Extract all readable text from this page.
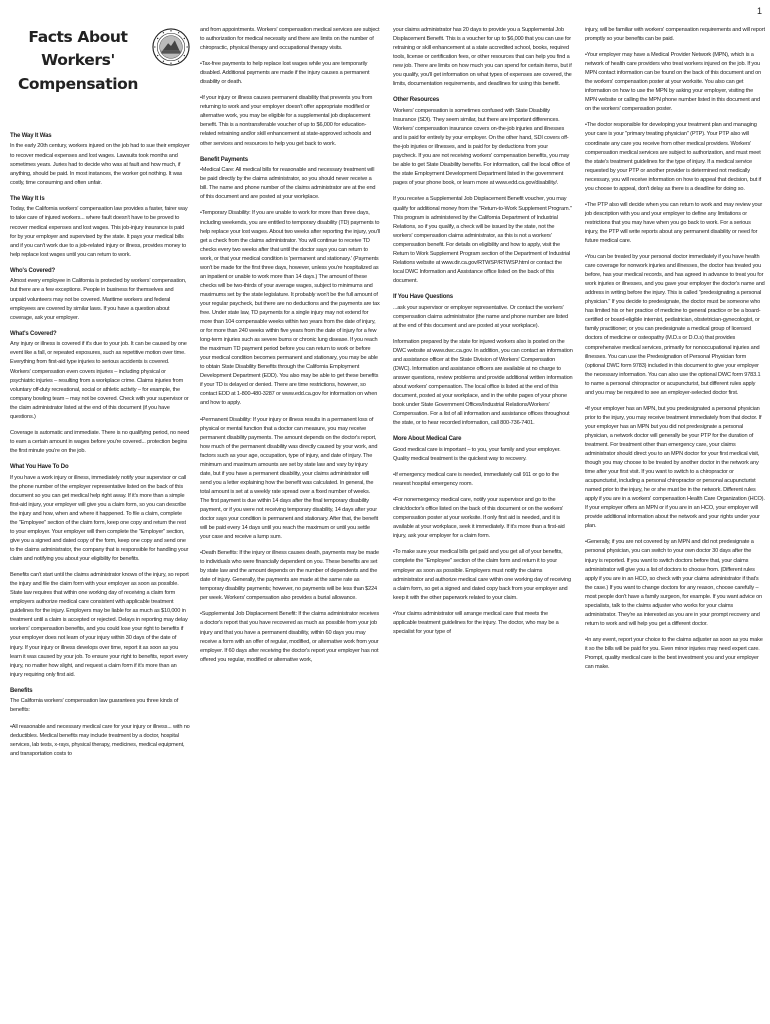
1
Facts About Workers'
Compensation
The Way It Was

In the early 20th century, workers injured on the job had to sue their employer to recover medical expenses and lost wages. Lawsuits took months and sometimes years. Juries had to decide who was at fault and how much, if anything, should be paid. In most instances, the worker got nothing. It was costly, time consuming and often unfair.

The Way It Is

Today, the California workers' compensation law provides a faster, fairer way to take care of injured workers... where fault doesn't have to be proved to recover medical expenses and lost wages. This job-injury insurance is paid for by your employer and supervised by the state. It pays your medical bills and if you can't work due to a job-related injury or illness, provides money to help replace lost wages until you can return to work.

Who's Covered?

Almost every employee in California is protected by workers' compensation, but there are a few exceptions. People in business for themselves and unpaid volunteers may not be covered. Maritime workers and federal employees are covered by similar laws. If you have a question about coverage, ask your employer.

What's Covered?

Any injury or illness is covered if it's due to your job. It can be caused by one event like a fall, or repeated exposures, such as repetitive motion over time. Everything from first-aid type injuries to serious accidents is covered. Workers' compensation even covers injuries – including physical or psychiatric injuries – resulting from a workplace crime. Claims injuries from voluntary off-duty recreational, social or athletic activity – for example, the company bowling team – may not be covered. Check with your supervisor or the claim administrator listed at the end of this document (if you have questions.)

Coverage is automatic and immediate. There is no qualifying period, no need to earn a certain amount in wages before you're covered... protection begins the first minute you're on the job.

What You Have To Do

If you have a work injury or illness, immediately notify your supervisor or call the phone number of the employer representative listed on the back of this document so you can get medical help right away. If it's more than a simple first-aid injury, your employer will give you a claim form, so you can describe the injury and how, when and where it happened. To file a claim, complete the "Employee" section of the claim form, keep one copy and return the rest to your employer. Your employer will then complete the "Employer" section, give you a signed and dated copy of the form, keep one copy and send one to the claims administrator, the company that is responsible for handling your claim and notifying you about your eligibility for benefits.

Benefits can't start until the claims administrator knows of the injury, so report the injury and file the claim form with your employer as soon as possible. State law requires that within one working day of receiving a claim form employers authorize medical care consistent with applicable treatment guidelines for the injury. Employers may be liable for as much as $10,000 in treatment until a claim is accepted or rejected. Delays in reporting may delay workers' compensation benefits, and you could lose your right to benefits if your employer does not learn of your injury within 30 days of the date of injury. If your injury or illness develops over time, report it as soon as you learn it was caused by your job. To ensure your right to benefits, report every injury, no matter how slight, and request a claim form if it's more than an injury requiring only first aid.

Benefits

The California workers' compensation law guarantees you three kinds of benefits:

•All reasonable and necessary medical care for your injury or illness... with no deductibles. Medical benefits may include treatment by a doctor, hospital services, lab tests, x-rays, physical therapy, medicines, medical equipment, and transportation costs to

and from appointments. Workers' compensation medical services are subject to authorization for medical necessity and there are limits on the number of chiropractic, physical therapy and occupational therapy visits.

•Tax-free payments to help replace lost wages while you are temporarily disabled. Additional payments are made if the injury causes a permanent disability or death.

•If your injury or illness causes permanent disability that prevents you from returning to work and your employer doesn't offer appropriate modified or alternative work, you may be eligible for a supplemental job displacement benefit. This is a nontransferable voucher of up to $6,000 for education-related retraining and/or skill enhancement at state-approved schools and other services and resources to help you get back to work.

Benefit Payments

•Medical Care: All medical bills for reasonable and necessary treatment will be paid directly by the claims administrator, so you should never receive a bill. The name and phone number of the claims administrator are at the end of this document and are posted at your workplace.

•Temporary Disability: If you are unable to work for more than three days, including weekends, you are entitled to temporary disability (TD) payments to help replace your lost wages. About two weeks after reporting the injury, you'll get a check from the claims administrator. You will continue to receive TD checks every two weeks after that until the doctor says you can return to work, or that your medical condition is 'permanent and stationary.' (Payments won't be made for the first three days, however, unless you're hospitalized as an inpatient or unable to work more than 14 days.) The amount of these checks will be two-thirds of your average wages, subject to minimums and maximums set by the state legislature. It probably won't be the full amount of your regular paycheck, but there are no deductions and the payments are tax free. Under state law, TD payments for a single injury may not extend for more than 104 compensable weeks within two years from the date of injury, or for more than 240 weeks within five years from the date of injury for a few long-term injuries such as severe burns or chronic lung disease. If you reach the maximum TD payment period before you can return to work or before your medical condition becomes permanent and stationary, you may be able to obtain State Disability Benefits through the California Employment Development Department (EDD). You also may be able to get these benefits if your TD is delayed or denied. There are time restrictions, however, so contact EDD at 1-800-480-3287 or www.edd.ca.gov for information on when and how to apply.

•Permanent Disability: If your injury or illness results in a permanent loss of physical or mental function that a doctor can measure, you may receive permanent disability payments. The amount depends on the doctor's report, how much of the permanent disability was directly caused by your work, and factors such as your age, occupation, type of injury, and date of injury. The minimum and maximum amounts are set by state law and vary by injury date, but if you have a permanent disability, your claims administrator will send you a letter explaining how the benefit was calculated. In general, the total amount is set at a weekly rate spread over a fixed number of weeks. The first payment is due within 14 days after the final temporary disability payment, or if you were not receiving temporary disability, 14 days after your doctor says your condition is permanent and stationary. After that, the benefit will be paid every 14 days until you reach the maximum or until you settle your case and receive a lump sum.

•Death Benefits: If the injury or illness causes death, payments may be made to individuals who were financially dependent on you. These benefits are set by state law and the amount depends on the number of dependents and the date of injury. Generally, the payments are made at the same rate as temporary disability payments; however, no payments will be less than $224 per week. Workers' compensation also provides a burial allowance.

•Supplemental Job Displacement Benefit: If the claims administrator receives a doctor's report that you have recovered as much as possible from your job injury and that you have a permanent disability, within 60 days you may receive a form with an offer of regular, modified, or alternative work from your employer. If 60 days after receiving the doctor's report your employer has not offered you regular, modified or alternative work,

your claims administrator has 20 days to provide you a Supplemental Job Displacement Benefit. This is a voucher for up to $6,000 that you can use for retraining or skill enhancement at a state accredited school, books, required tools, license or certification fees, or other resources that can help you find a new job. There are limits on how much you can spend for certain items, but if you qualify, you'll get information on what types of expenses are covered, the limits, documentation requirements, and deadlines for using this benefit.

Other Resources

Workers' compensation is sometimes confused with State Disability Insurance (SDI). They seem similar, but there are important differences. Workers' compensation insurance covers on-the-job injuries and illnesses and is paid for entirely by your employer. On the other hand, SDI covers off-the-job injuries or illnesses, and is paid for by deductions from your paycheck. If you are not receiving workers' compensation benefits, you may be able to get State Disability benefits. For information, call the local office of the state Employment Development Department listed in the government pages of your phone book, or learn more at www.edd.ca.gov/disability/.

If you receive a Supplemental Job Displacement Benefit voucher, you may qualify for additional money from the "Return-to-Work Supplement Program." This program is administered by the California Department of Industrial Relations, so if you qualify, a check will be issued by the state, not the workers' compensation claims administrator, as this is not a workers' compensation benefit. For details on eligibility and how to apply, visit the Return to Work Supplement Program section of the Department of Industrial Relations website at www.dir.ca.gov/RTWSP/RTWSP.html or contact the local DWC Information and Assistance office listed on the back of this document.

If You Have Questions

...ask your supervisor or employer representative. Or contact the workers' compensation claims administrator (the name and phone number are listed at the end of this document and are posted at your workplace).

Information prepared by the state for injured workers also is posted on the DWC website at www.dwc.ca.gov. In addition, you can contact an information and assistance officer at the State Division of Workers' Compensation (DWC). Information and assistance officers are available at no charge to answer questions, review problems and provide additional written information about workers' compensation. The local office is listed at the end of this document, posted at your workplace, and in the white pages of your phone book under State Government Offices/Industrial Relations/Workers' Compensation. For a list of all information and assistance offices throughout the state, or to hear recorded information, call 800-736-7401.

More About Medical Care

Good medical care is important – to you, your family and your employer. Quality medical treatment is the quickest way to recovery.

•If emergency medical care is needed, immediately call 911 or go to the nearest hospital emergency room.

•For nonemergency medical care, notify your supervisor and go to the clinic/doctor's office listed on the back of this document or on the workers' compensation poster at your worksite. If only first aid is needed, and it is available at your workplace, seek it immediately. If it's more than a first-aid injury, ask your employer for a claim form.

•To make sure your medical bills get paid and you get all of your benefits, complete the "Employee" section of the claim form and return it to your employer as soon as possible. Employers must notify the claims administrator and authorize medical care within one working day of receiving a claim form, so get a signed and dated copy back from your employer and keep it with the other paperwork related to your claim.

•Your claims administrator will arrange medical care that meets the applicable treatment guidelines for the injury. The doctor, who may be a specialist for your type of

injury, will be familiar with workers' compensation requirements and will report promptly so your benefits can be paid.

•Your employer may have a Medical Provider Network (MPN), which is a network of health care providers who treat workers injured on the job. If you MPN contact information can be found on the back of this document and on the workers' compensation poster at your worksite. You also can get information on how to use the MPN by asking your employer, visiting the MPN website or calling the MPN phone number listed in this document and on the workers' compensation poster.

•The doctor responsible for developing your treatment plan and managing your care is your "primary treating physician" (PTP). Your PTP also will coordinate any care you receive from other medical providers. Workers' compensation medical services are subject to authorization, and must meet the state's treatment guidelines for the type of injury. If a medical service requested by your PTP or another provider is determined not medically necessary, you will receive information on how to appeal that decision, but if you choose to appeal, don't delay as there is a deadline for doing so.

•The PTP also will decide when you can return to work and may review your job description with you and your employer to define any limitations or restrictions that you may have when you go back to work. For a serious injury, the PTP will write reports about any permanent disability or need for future medical care.

•You can be treated by your personal doctor immediately if you have health care coverage for nonwork injuries and illnesses, the doctor has treated you before, has your medical records, and has agreed in advance to treat you for work injuries or illnesses, and you gave your employer the doctor's name and address in writing before the injury. This is called "predesignating a personal physician." If you decide to predesignate, the doctor must be someone who has limited his or her practice of medicine to general practice or be a board-certified or board-eligible internist, pediatrician, obstetrician-gynecologist, or family practitioner; or you can predesignate a medical group of licensed doctors of medicine or osteopathy (M.D.s or D.O.s) that provides comprehensive medical services, primarily for nonoccupational injuries and illnesses. You can use the Predesignation of Personal Physician form (optional DWC form 9783) included in this document to give your employer the necessary information. You can also use the optional DWC form 9783.1 to name a personal chiropractor or acupuncturist, but different rules apply and you may be required to see an employer-selected doctor first.

•If your employer has an MPN, but you predesignated a personal physician prior to the injury, you may receive treatment immediately from that doctor. If your employer has an MPN but you did not predesignate a personal physician, a network doctor will generally be your PTP for the duration of treatment. For treatment other than emergency care, your claims administrator should direct you to an MPN doctor for your first medical visit, though you may choose to be treated by another doctor in the network any time after your first visit. If you want to switch to a chiropractor or acupuncturist, including a personal chiropractor or personal acupuncturist named prior to the injury, he or she must be in the network. Different rules apply if you are in a workers' compensation Health Care Organization (HCO). If your employer offers an MPN or if you are in an HCO, your employer will provide additional information about the network and your rights under your plan.

•Generally, if you are not covered by an MPN and did not predesignate a personal physician, you can switch to your own doctor 30 days after the injury is reported. If you want to switch doctors before that, your claims administrator will give you a list of doctors to choose from. (Different rules apply if you are in an HCO, so check with your claims administrator if that's the case.) If you want to change doctors for any reason, choose carefully – most people don't have a family surgeon, for example. If you want advice on specialists, talk to the claims adjuster who works for your claims administrator. They're as interested as you are in your prompt recovery and return to work and will help you get a different doctor.

•In any event, report your choice to the claims adjuster as soon as you make it so the bills will be paid for you. Even minor injuries may need expert care. Prompt, quality medical care is the best investment you and your employer can make.
